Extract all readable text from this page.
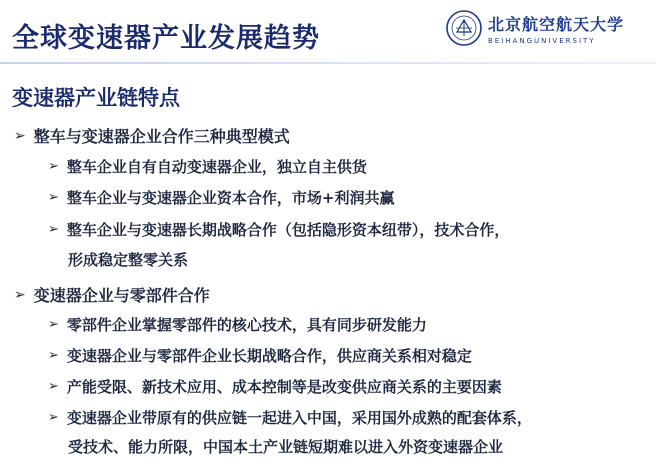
全球变速器产业发展趋势	北京航空航天大学
BEIHANGUNIVERSITY
变速器产业链特点
➢ 整车与变速器企业合作三种典型模式
➢ 整车企业自有自动变速器企业，独立自主供货
➢ 整车企业与变速器企业资本合作，市场+利润共赢
➢ 整车企业与变速器长期战略合作（包括隐形资本纽带），技术合作，
形成稳定整零关系
➢ 变速器企业与零部件合作
➢ 零部件企业掌握零部件的核心技术，具有同步研发能力
➢ 变速器企业与零部件企业长期战略合作，供应商关系相对稳定
➢ 产能受限、新技术应用、成本控制等是改变供应商关系的主要因素
➢ 变速器企业带原有的供应链一起进入中国，采用国外成熟的配套体系，
受技术、能力所限，中国本土产业链短期难以进入外资变速器企业
